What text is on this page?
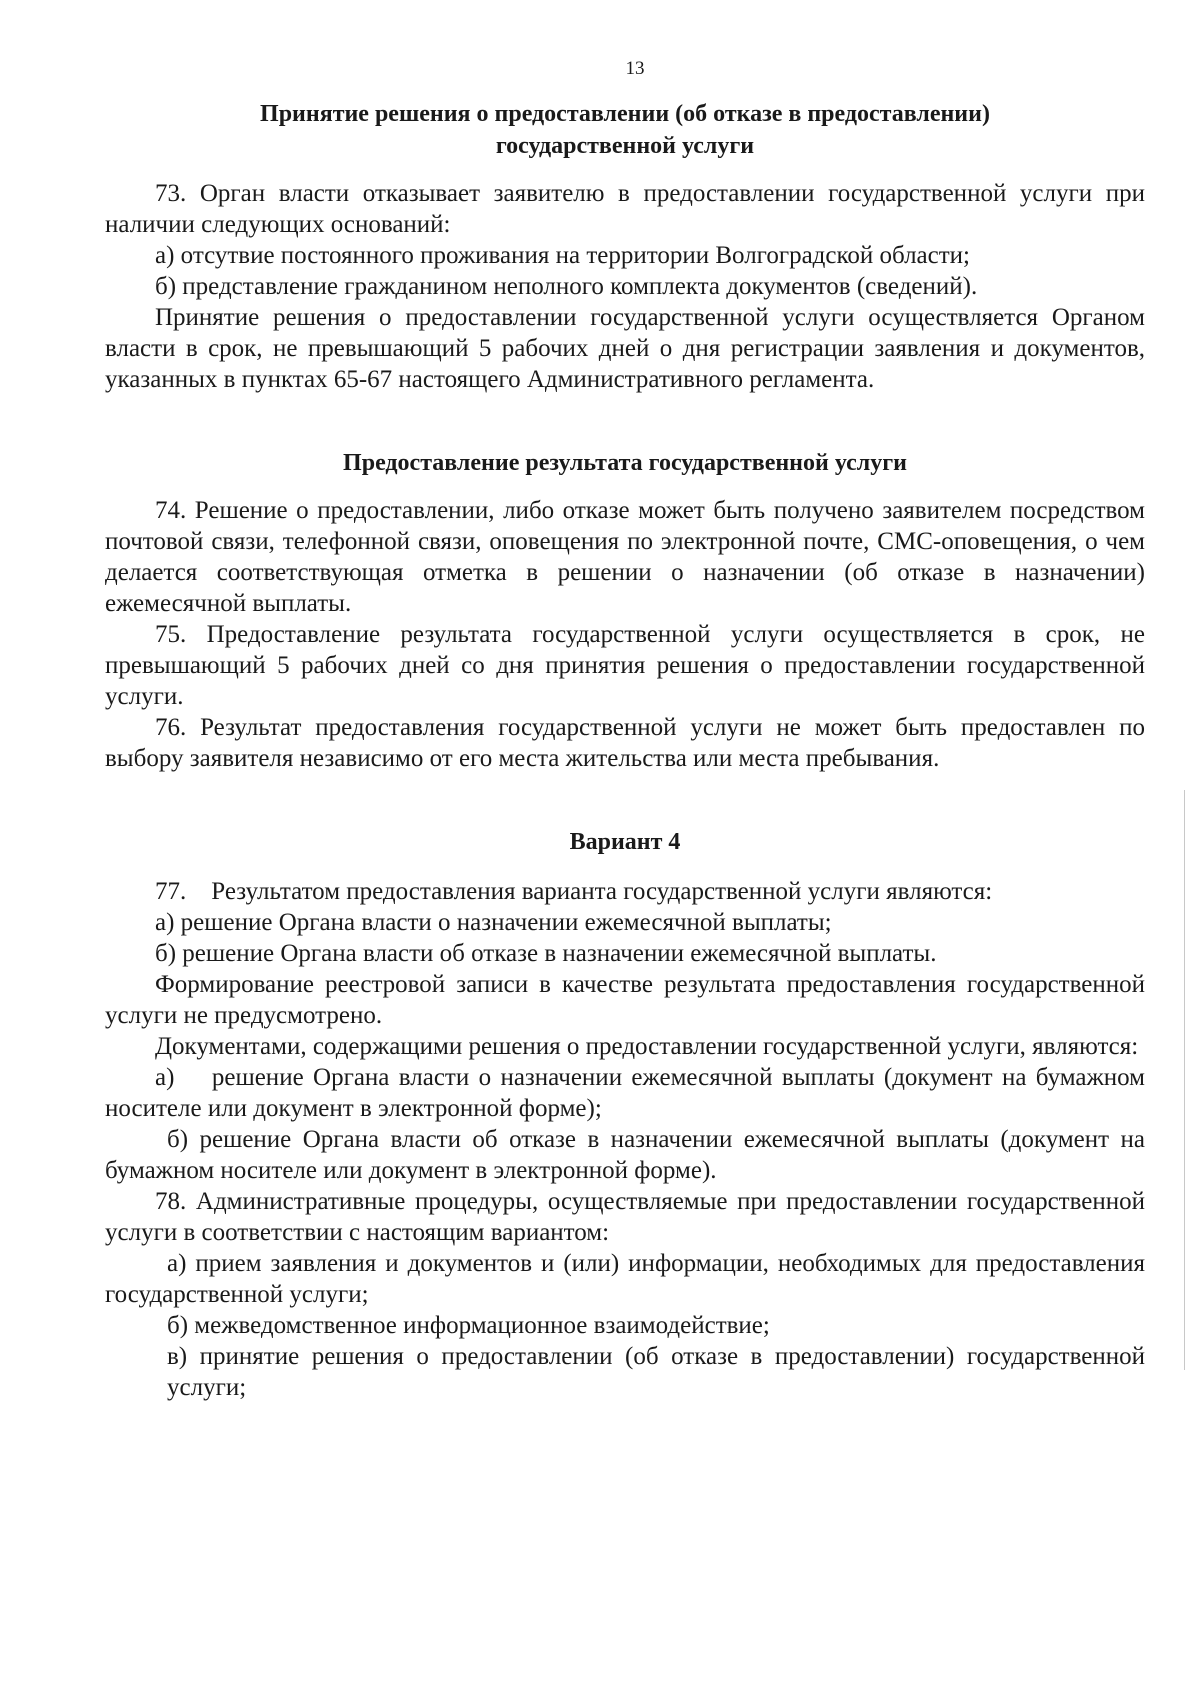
13
Принятие решения о предоставлении (об отказе в предоставлении)
государственной услуги

73. Орган власти отказывает заявителю в предоставлении государственной услуги при наличии следующих оснований:

а) отсутвие постоянного проживания на территории Волгоградской области;

б) представление гражданином неполного комплекта документов (сведений).

Принятие решения о предоставлении государственной услуги осуществляется Органом власти в срок, не превышающий 5 рабочих дней о дня регистрации заявления и документов, указанных в пунктах 65-67 настоящего Административного регламента.

Предоставление результата государственной услуги

74. Решение о предоставлении, либо отказе может быть получено заявителем посредством почтовой связи, телефонной связи, оповещения по электронной почте, СМС-оповещения, о чем делается соответствующая отметка в решении о назначении (об отказе в назначении) ежемесячной выплаты.

75. Предоставление результата государственной услуги осуществляется в срок, не превышающий 5 рабочих дней со дня принятия решения о предоставлении государственной услуги.

76. Результат предоставления государственной услуги не может быть предоставлен по выбору заявителя независимо от его места жительства или места пребывания.

Вариант 4

77.    Результатом предоставления варианта государственной услуги являются:

а) решение Органа власти о назначении ежемесячной выплаты;

б) решение Органа власти об отказе в назначении ежемесячной выплаты.

Формирование реестровой записи в качестве результата предоставления государственной услуги не предусмотрено.

Документами, содержащими решения о предоставлении государственной услуги, являются:

а)    решение Органа власти о назначении ежемесячной выплаты (документ на бумажном носителе или документ в электронной форме);

б) решение Органа власти об отказе в назначении ежемесячной выплаты (документ на бумажном носителе или документ в электронной форме).

78. Административные процедуры, осуществляемые при предоставлении государственной услуги в соответствии с настоящим вариантом:

а) прием заявления и документов и (или) информации, необходимых для предоставления государственной услуги;

б) межведомственное информационное взаимодействие;

в) принятие решения о предоставлении (об отказе в предоставлении) государственной услуги;
